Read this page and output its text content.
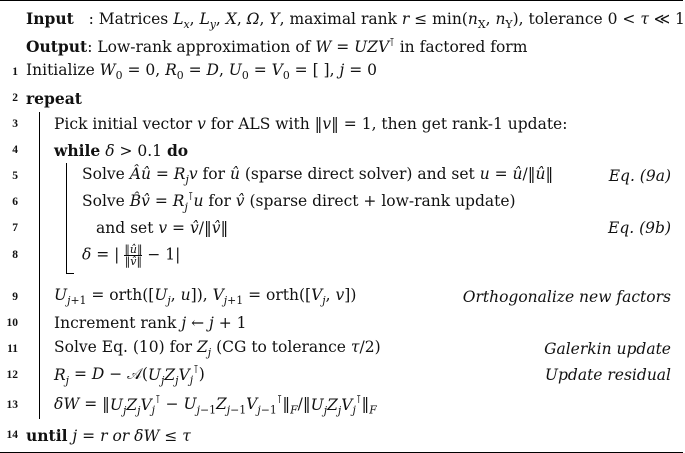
Input   : Matrices $L_x$, $L_y$, X, Ω, Y, maximal rank $r \le \min(n_X$, $n_Y$), tolerance 0 < τ ≪ 1
Output: Low-rank approximation of W = UZV⊺ in factored form
1 Initialize $W_0 = 0$, $R_0 = D$, $U_0 = V_0$ = [ ], j = 0
2 repeat
3 Pick initial vector v for ALS with ‖v‖ = 1, then get rank-1 update:
4 while δ > 0.1 do
5	Solve Âû = $R_jv$ for û (sparse direct solver) and set u = û/‖û‖	Eq. (9a)
6	Solve B̂v̂ = $R_j^⊺u$ for v̂ (sparse direct + low-rank update)
7	and set v = v̂/‖v̂‖	Eq. (9b)
8	δ = | $\frac{‖û‖}{‖v̂‖} - 1|$
9 $U_{j+1}$ = $orth([U_j$, u]), $V_{j+1}$ = $orth([V_j$, v])	Orthogonalize new factors
10 Increment rank j ← j + 1
11 Solve Eq. (10) for $Z_j$ (CG to tolerance τ/2)	Galerkin update
12 $R_j = D$ − $𝒜(U_jZ_jV_j^⊺)$	Update residual
13 $\delta W = ‖U_jZ_jV_j^⊺$ − $U_{j-1}Z_{j-1}V_{j-1}^⊺‖_F/‖U_jZ_jV_j^⊺‖_F$
14 until j = r or δW ≤ τ
